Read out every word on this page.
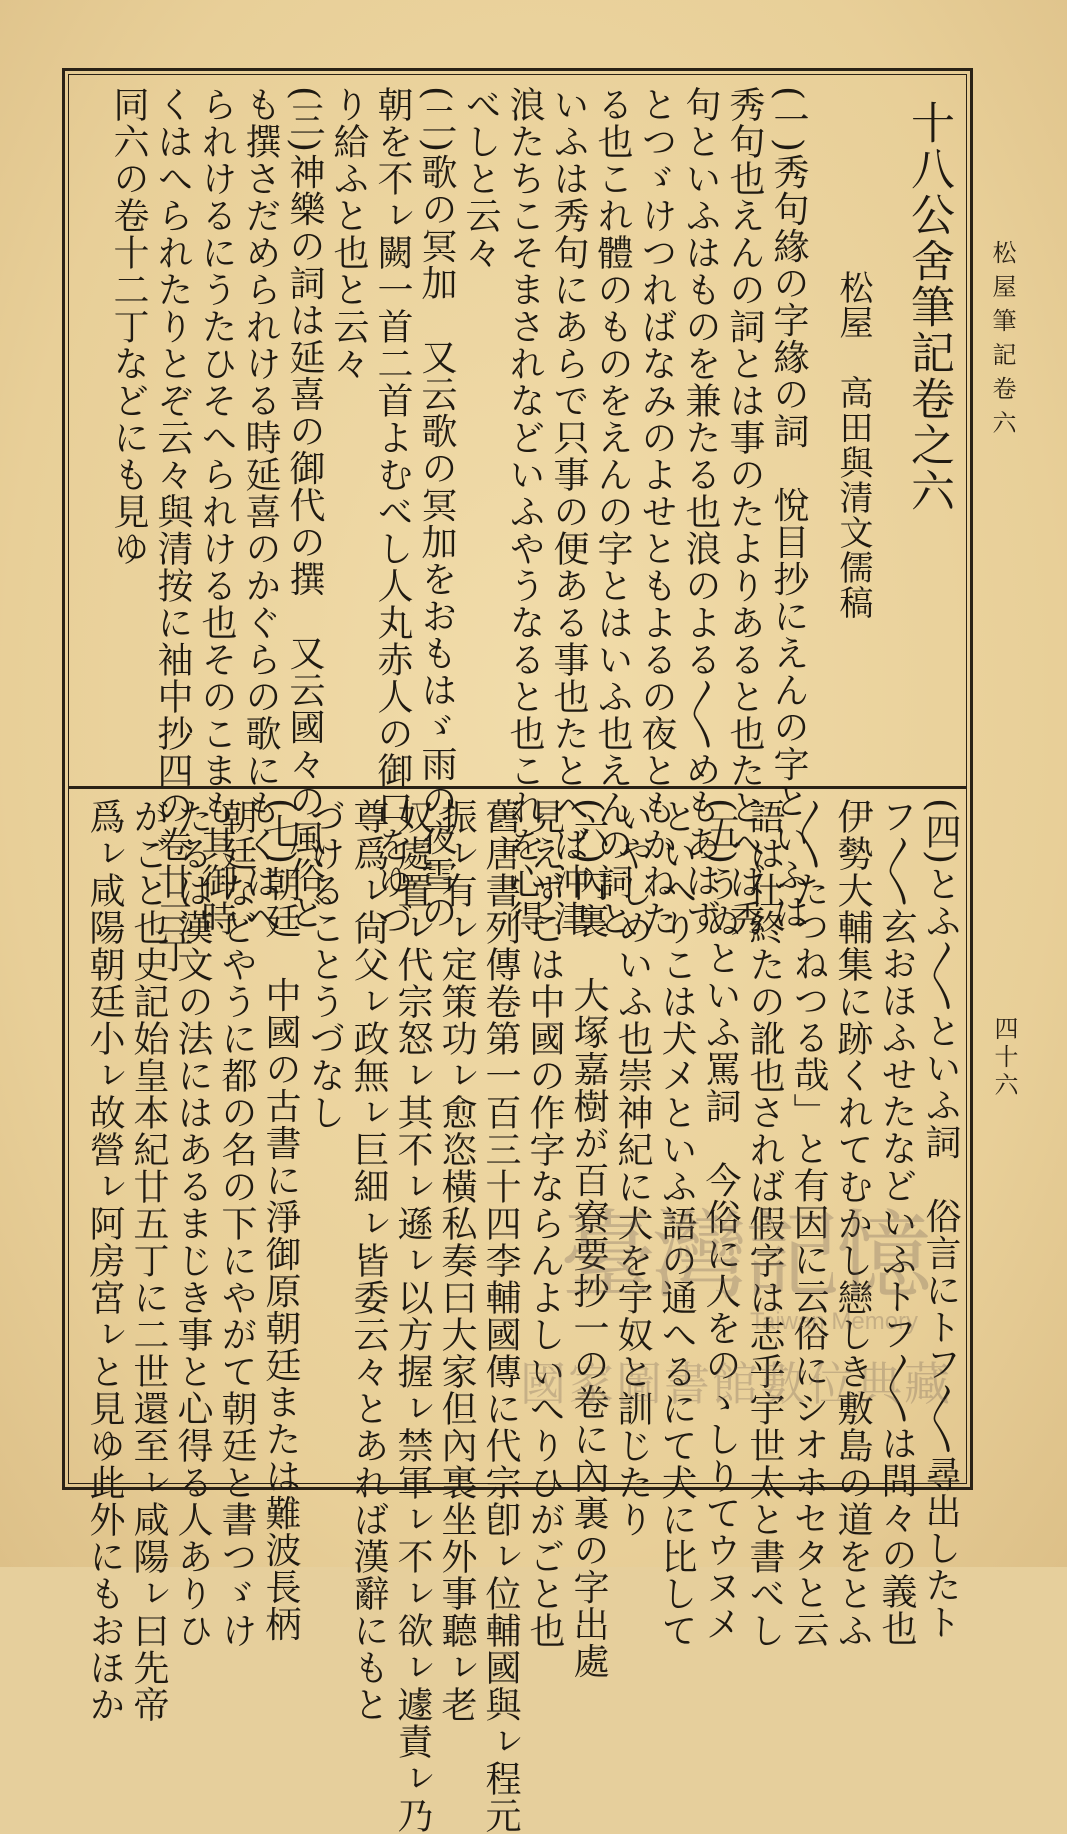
松屋筆記卷六
四十六
十八公舍筆記卷之六
松屋　高田與清文儒稿
(一)秀句緣の字緣の詞　悅目抄にえんの字といふは
秀句也えんの詞とは事のたよりあると也たとへば秀
句といふはものを兼たる也浪のよる〳〵めもあはず
とつゞけつればなみのよせともよるの夜ともかねた
る也これ體のものをえんの字とはいふ也えんの詞と
いふは秀句にあらで只事の便ある事也たとへば沖津
浪たちこそまされなどいふやうなると也これを心得
べしと云々
(二)歌の冥加　又云歌の冥加をおもはゞ雨の夜雪の
朝を不ㇾ闕一首二首よむべし人丸赤人の御口をゆづ
り給ふと也と云々
(三)神樂の詞は延喜の御代の撰　又云國々の風俗ど
も撰さだめられける時延喜のかぐらの歌にもくはへ
られけるにうたひそへられける也そのこまも其御時
くはへられたりとぞ云々與清按に袖中抄四の卷廿三丁
同六の卷十二丁などにも見ゆ
(四)とふ〳〵といふ詞　俗言にトフ〳〵尋出したト
フ〳〵玄おほふせたなどいふトフ〳〵は問々の義也
伊勢大輔集に跡くれてむかし戀しき敷島の道をとふ
〳〵たつねつる哉」と有因に云俗にシオホセタと云
語は仕終たの訛也されば假字は志乎宇世太と書べし
(五)うぬといふ罵詞　今俗に人をのゝしりてウヌメ
といへりこは犬メといふ語の通へるにて犬に比して
いやしめいふ也崇神紀に犬を宇奴と訓じたり
(六)內裏　大塚嘉樹が百寮要抄一の卷に內裏の字出處
見えずこは中國の作字ならんよしいへりひがごと也
舊唐書列傳卷第一百三十四李輔國傳に代宗卽ㇾ位輔國與ㇾ程元
振ㇾ有ㇾ定策功ㇾ愈恣橫私奏曰大家但內裏坐外事聽ㇾ老
奴處置ㇾ代宗怒ㇾ其不ㇾ遜ㇾ以方握ㇾ禁軍ㇾ不ㇾ欲ㇾ遽責ㇾ乃
尊爲ㇾ尙父ㇾ政無ㇾ巨細ㇾ皆委云々とあれば漢辭にもと
づけることうづなし
(七)朝廷　中國の古書に淨御原朝廷または難波長柄
朝廷などやうに都の名の下にやがて朝廷と書つゞけ
たるは漢文の法にはあるまじき事と心得る人ありひ
がごと也史記始皇本紀廿五丁に二世還至ㇾ咸陽ㇾ曰先帝
爲ㇾ咸陽朝廷小ㇾ故營ㇾ阿房宮ㇾと見ゆ此外にもおほか	臺灣記憶
Taiwan Memory
國家圖書館數位典藏
